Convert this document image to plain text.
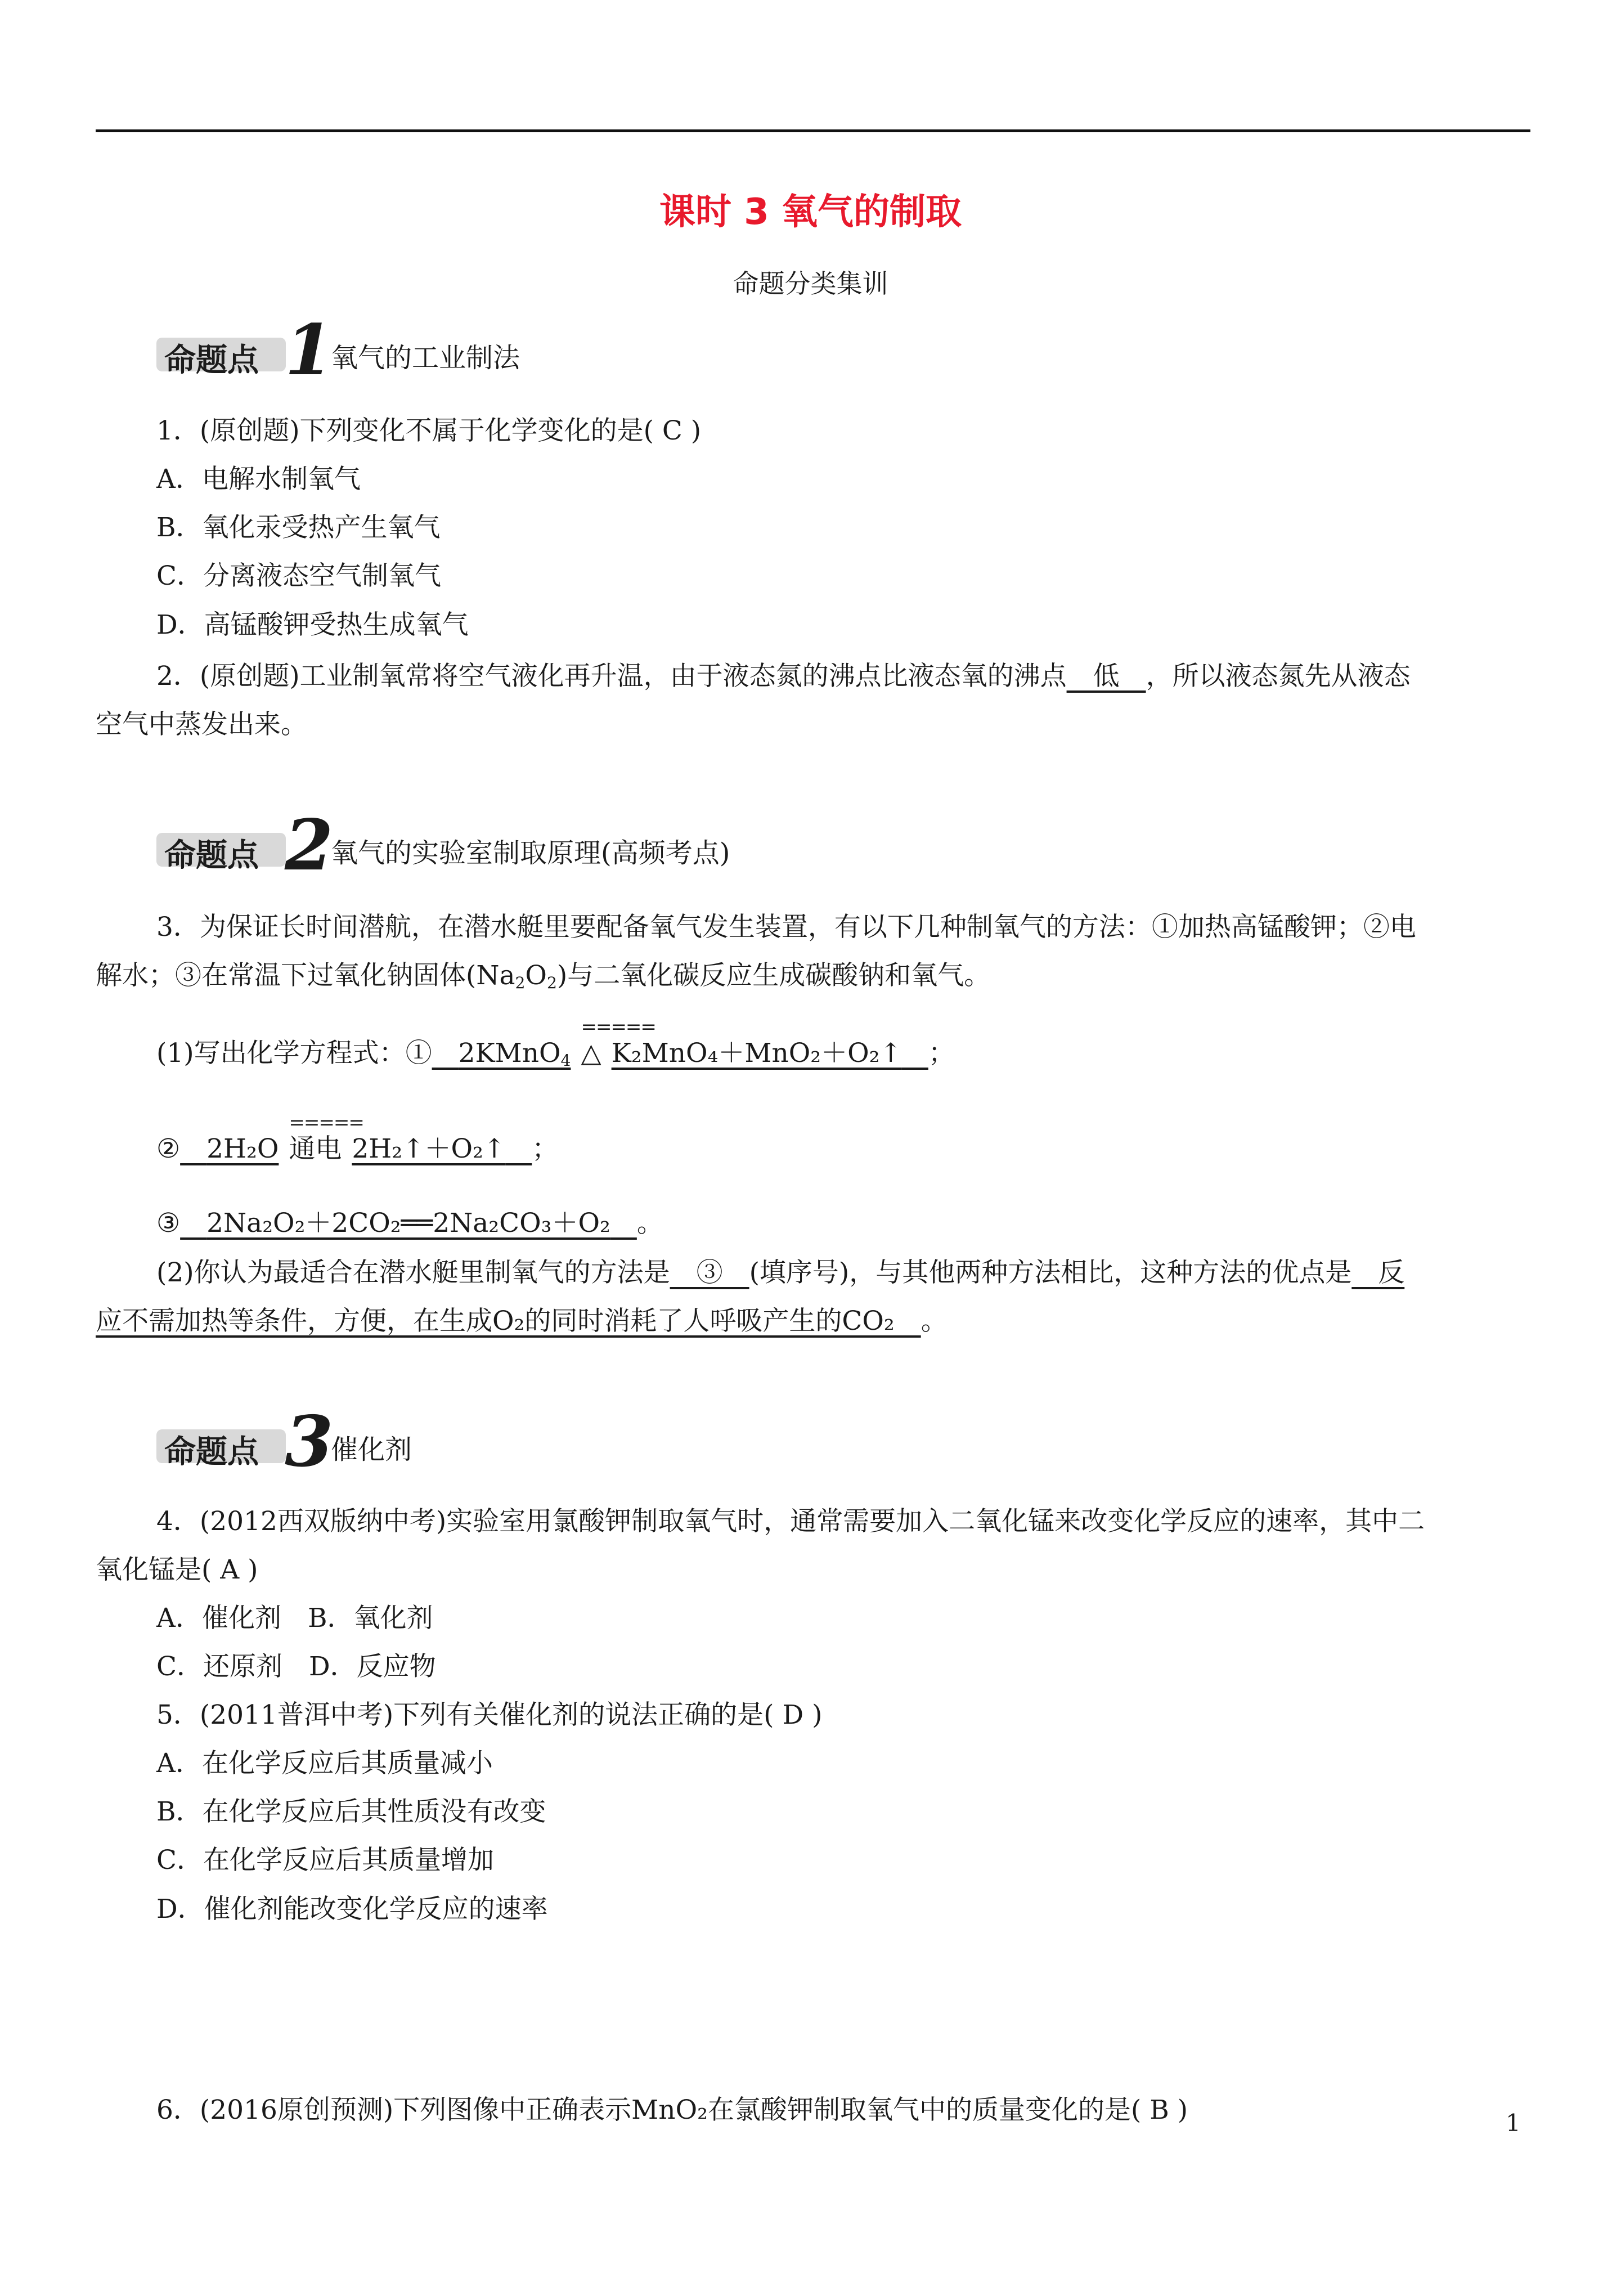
课时 3 氧气的制取
命题分类集训
命题点 1
氧气的工业制法
1．(原创题)下列变化不属于化学变化的是( C )
A．电解水制氧气
B．氧化汞受热产生氧气
C．分离液态空气制氧气
D．高锰酸钾受热生成氧气
2．(原创题)工业制氧常将空气液化再升温，由于液态氮的沸点比液态氧的沸点　低　，所以液态氮先从液态
空气中蒸发出来。
命题点 2
氧气的实验室制取原理(高频考点)
3．为保证长时间潜航，在潜水艇里要配备氧气发生装置，有以下几种制氧气的方法：①加热高锰酸钾；②电
解水；③在常温下过氧化钠固体$(Na_2O_2)$与二氧化碳反应生成碳酸钠和氧气。
(1)写出化学方程式：①　 2KMnO$_4$
=====
△ K₂MnO₄＋MnO₂＋O₂↑　 ；
②　 2H₂O
=====
通电 2H₂↑＋O₂↑　 ；
③　 2Na₂O₂＋2CO₂══2Na₂CO₃＋O₂　 。
(2)你认为最适合在潜水艇里制氧气的方法是　③　(填序号)，与其他两种方法相比，这种方法的优点是　反
应不需加热等条件，方便，在生成O₂的同时消耗了人呼吸产生的CO₂　。
命题点 3
催化剂
4．(2012西双版纳中考)实验室用氯酸钾制取氧气时，通常需要加入二氧化锰来改变化学反应的速率，其中二
氧化锰是( A )
A．催化剂　B．氧化剂
C．还原剂　D．反应物
5．(2011普洱中考)下列有关催化剂的说法正确的是( D )
A．在化学反应后其质量减小
B．在化学反应后其性质没有改变
C．在化学反应后其质量增加
D．催化剂能改变化学反应的速率
6．(2016原创预测)下列图像中正确表示MnO₂在氯酸钾制取氧气中的质量变化的是( B )	1
